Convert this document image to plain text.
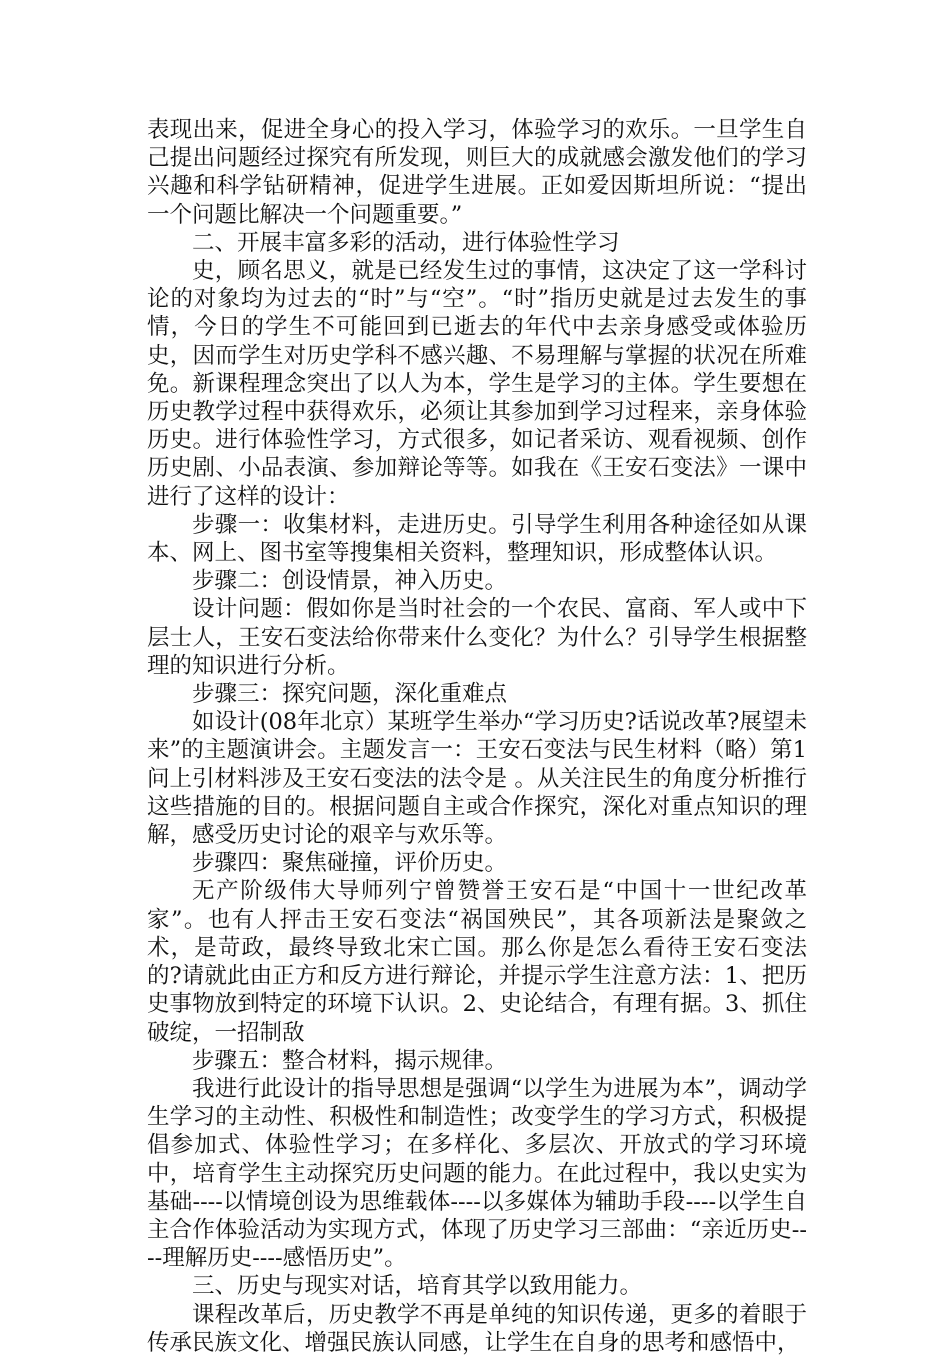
表现出来，促进全身心的投入学习，体验学习的欢乐。一旦学生自己提出问题经过探究有所发现，则巨大的成就感会激发他们的学习兴趣和科学钻研精神，促进学生进展。正如爱因斯坦所说：“提出一个问题比解决一个问题重要。”

二、开展丰富多彩的活动，进行体验性学习

史，顾名思义，就是已经发生过的事情，这决定了这一学科讨论的对象均为过去的“时”与“空”。“时”指历史就是过去发生的事情，今日的学生不可能回到已逝去的年代中去亲身感受或体验历史，因而学生对历史学科不感兴趣、不易理解与掌握的状况在所难免。新课程理念突出了以人为本，学生是学习的主体。学生要想在历史教学过程中获得欢乐，必须让其参加到学习过程来，亲身体验历史。进行体验性学习，方式很多，如记者采访、观看视频、创作历史剧、小品表演、参加辩论等等。如我在《王安石变法》一课中进行了这样的设计：

步骤一：收集材料，走进历史。引导学生利用各种途径如从课本、网上、图书室等搜集相关资料，整理知识，形成整体认识。

步骤二：创设情景，神入历史。

设计问题：假如你是当时社会的一个农民、富商、军人或中下层士人，王安石变法给你带来什么变化？为什么？引导学生根据整理的知识进行分析。

步骤三：探究问题，深化重难点

如设计(08年北京）某班学生举办“学习历史?话说改革?展望未来”的主题演讲会。主题发言一：王安石变法与民生材料（略）第1问上引材料涉及王安石变法的法令是 。从关注民生的角度分析推行这些措施的目的。根据问题自主或合作探究，深化对重点知识的理解，感受历史讨论的艰辛与欢乐等。

步骤四：聚焦碰撞，评价历史。

无产阶级伟大导师列宁曾赞誉王安石是“中国十一世纪改革家”。也有人抨击王安石变法“祸国殃民”，其各项新法是聚敛之术，是苛政，最终导致北宋亡国。那么你是怎么看待王安石变法的?请就此由正方和反方进行辩论，并提示学生注意方法：1、把历史事物放到特定的环境下认识。2、史论结合，有理有据。3、抓住破绽，一招制敌

步骤五：整合材料，揭示规律。

我进行此设计的指导思想是强调“以学生为进展为本”，调动学生学习的主动性、积极性和制造性；改变学生的学习方式，积极提倡参加式、体验性学习；在多样化、多层次、开放式的学习环境中，培育学生主动探究历史问题的能力。在此过程中，我以史实为基础----以情境创设为思维载体----以多媒体为辅助手段----以学生自主合作体验活动为实现方式，体现了历史学习三部曲：“亲近历史----理解历史----感悟历史”。

三、历史与现实对话，培育其学以致用能力。

课程改革后，历史教学不再是单纯的知识传递，更多的着眼于传承民族文化、增强民族认同感，让学生在自身的思考和感悟中，
